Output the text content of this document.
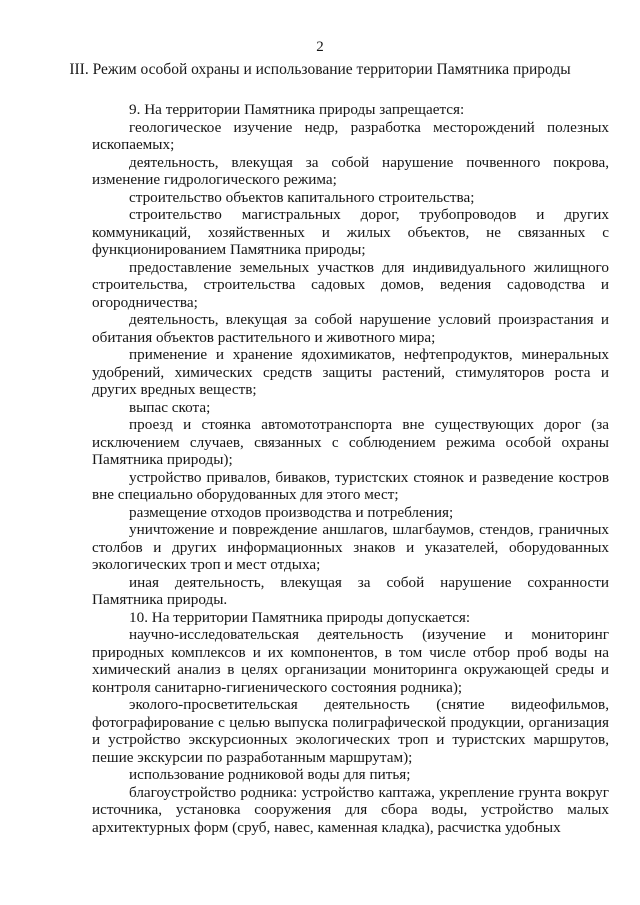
2
III. Режим особой охраны и использование территории Памятника природы

9. На территории Памятника природы запрещается:

геологическое изучение недр, разработка месторождений полезных ископаемых;

деятельность, влекущая за собой нарушение почвенного покрова, изменение гидрологического режима;

строительство объектов капитального строительства;

строительство магистральных дорог, трубопроводов и других коммуникаций, хозяйственных и жилых объектов, не связанных с функционированием Памятника природы;

предоставление земельных участков для индивидуального жилищного строительства, строительства садовых домов, ведения садоводства и огородничества;

деятельность, влекущая за собой нарушение условий произрастания и обитания объектов растительного и животного мира;

применение и хранение ядохимикатов, нефтепродуктов, минеральных удобрений, химических средств защиты растений, стимуляторов роста и других вредных веществ;

выпас скота;

проезд и стоянка автомототранспорта вне существующих дорог (за исключением случаев, связанных с соблюдением режима особой охраны Памятника природы);

устройство привалов, биваков, туристских стоянок и разведение костров вне специально оборудованных для этого мест;

размещение отходов производства и потребления;

уничтожение и повреждение аншлагов, шлагбаумов, стендов, граничных столбов и других информационных знаков и указателей, оборудованных экологических троп и мест отдыха;

иная деятельность, влекущая за собой нарушение сохранности Памятника природы.

10. На территории Памятника природы допускается:

научно-исследовательская деятельность (изучение и мониторинг природных комплексов и их компонентов, в том числе отбор проб воды на химический анализ в целях организации мониторинга окружающей среды и контроля санитарно-гигиенического состояния родника);

эколого-просветительская деятельность (снятие видеофильмов, фотографирование с целью выпуска полиграфической продукции, организация и устройство экскурсионных экологических троп и туристских маршрутов, пешие экскурсии по разработанным маршрутам);

использование родниковой воды для питья;

благоустройство родника: устройство каптажа, укрепление грунта вокруг источника, установка сооружения для сбора воды, устройство малых архитектурных форм (сруб, навес, каменная кладка), расчистка удобных
